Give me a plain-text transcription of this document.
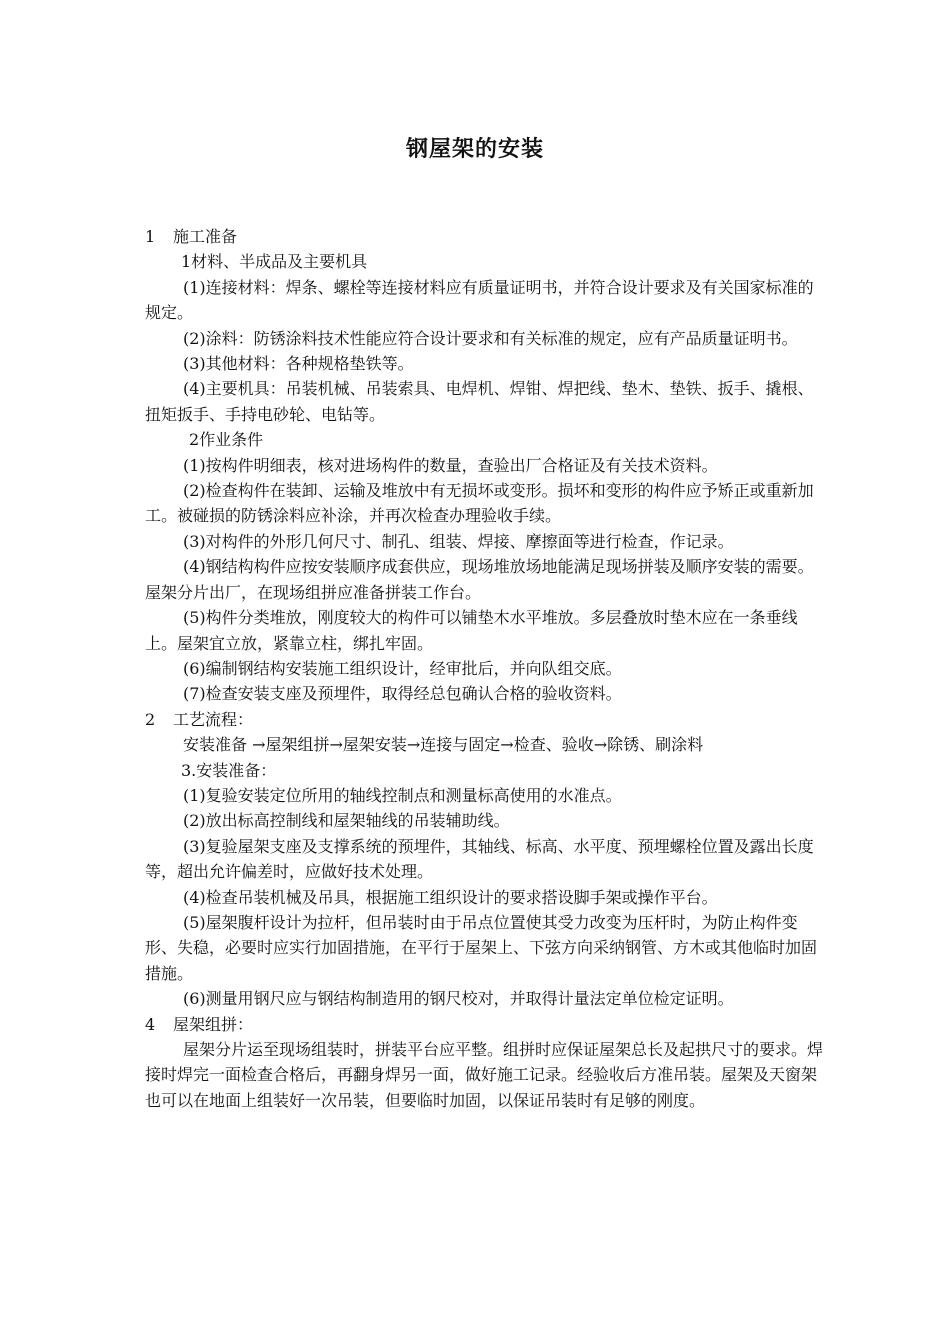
钢屋架的安装

1 施工准备

1材料、半成品及主要机具

(1)连接材料：焊条、螺栓等连接材料应有质量证明书，并符合设计要求及有关国家标准的规定。

(2)涂料：防锈涂料技术性能应符合设计要求和有关标准的规定，应有产品质量证明书。

(3)其他材料：各种规格垫铁等。

(4)主要机具：吊装机械、吊装索具、电焊机、焊钳、焊把线、垫木、垫铁、扳手、撬根、扭矩扳手、手持电砂轮、电钻等。

2作业条件

(1)按构件明细表，核对进场构件的数量，查验出厂合格证及有关技术资料。

(2)检查构件在装卸、运输及堆放中有无损坏或变形。损坏和变形的构件应予矫正或重新加工。被碰损的防锈涂料应补涂，并再次检查办理验收手续。

(3)对构件的外形几何尺寸、制孔、组装、焊接、摩擦面等进行检查，作记录。

(4)钢结构构件应按安装顺序成套供应，现场堆放场地能满足现场拼装及顺序安装的需要。屋架分片出厂，在现场组拼应准备拼装工作台。

(5)构件分类堆放，刚度较大的构件可以铺垫木水平堆放。多层叠放时垫木应在一条垂线上。屋架宜立放，紧靠立柱，绑扎牢固。

(6)编制钢结构安装施工组织设计，经审批后，并向队组交底。

(7)检查安装支座及预埋件，取得经总包确认合格的验收资料。

2 工艺流程：

安装准备 →屋架组拼→屋架安装→连接与固定→检查、验收→除锈、刷涂料

3.安装准备：

(1)复验安装定位所用的轴线控制点和测量标高使用的水准点。

(2)放出标高控制线和屋架轴线的吊装辅助线。

(3)复验屋架支座及支撑系统的预埋件，其轴线、标高、水平度、预埋螺栓位置及露出长度等，超出允许偏差时，应做好技术处理。

(4)检查吊装机械及吊具，根据施工组织设计的要求搭设脚手架或操作平台。

(5)屋架腹杆设计为拉杆，但吊装时由于吊点位置使其受力改变为压杆时，为防止构件变形、失稳，必要时应实行加固措施，在平行于屋架上、下弦方向采纳钢管、方木或其他临时加固措施。

(6)测量用钢尺应与钢结构制造用的钢尺校对，并取得计量法定单位检定证明。

4 屋架组拼：

屋架分片运至现场组装时，拼装平台应平整。组拼时应保证屋架总长及起拱尺寸的要求。焊接时焊完一面检查合格后，再翻身焊另一面，做好施工记录。经验收后方准吊装。屋架及天窗架也可以在地面上组装好一次吊装，但要临时加固，以保证吊装时有足够的刚度。
